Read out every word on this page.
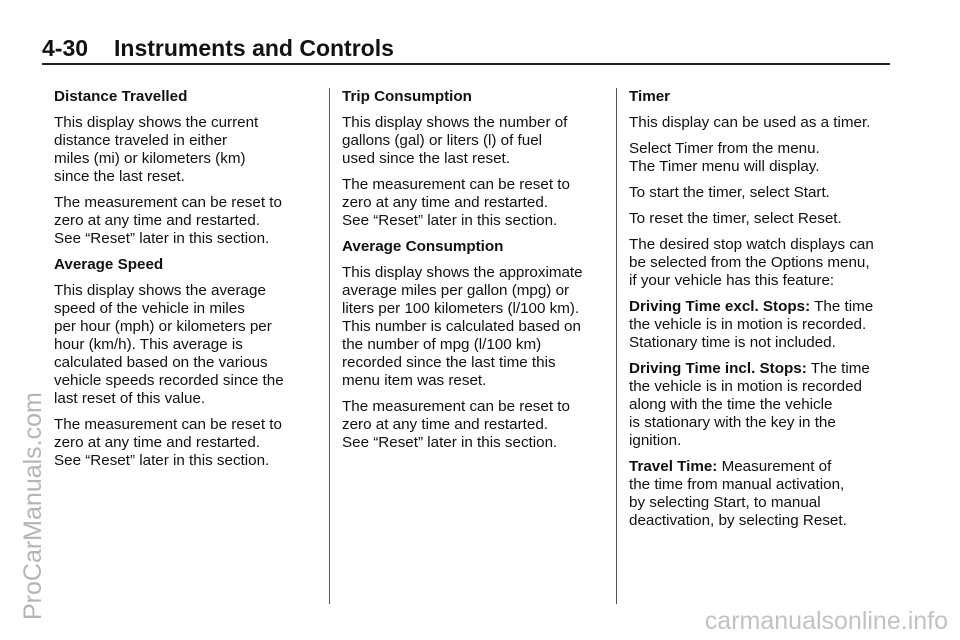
4-30 Instruments and Controls
Distance Travelled

This display shows the current
distance traveled in either
miles (mi) or kilometers (km)
since the last reset.

The measurement can be reset to
zero at any time and restarted.
See “Reset” later in this section.

Average Speed

This display shows the average
speed of the vehicle in miles
per hour (mph) or kilometers per
hour (km/h). This average is
calculated based on the various
vehicle speeds recorded since the
last reset of this value.

The measurement can be reset to
zero at any time and restarted.
See “Reset” later in this section.

Trip Consumption

This display shows the number of
gallons (gal) or liters (l) of fuel
used since the last reset.

The measurement can be reset to
zero at any time and restarted.
See “Reset” later in this section.

Average Consumption

This display shows the approximate
average miles per gallon (mpg) or
liters per 100 kilometers (l/100 km).
This number is calculated based on
the number of mpg (l/100 km)
recorded since the last time this
menu item was reset.

The measurement can be reset to
zero at any time and restarted.
See “Reset” later in this section.

Timer

This display can be used as a timer.

Select Timer from the menu.
The Timer menu will display.

To start the timer, select Start.

To reset the timer, select Reset.

The desired stop watch displays can
be selected from the Options menu,
if your vehicle has this feature:

Driving Time excl. Stops: The time
the vehicle is in motion is recorded.
Stationary time is not included.

Driving Time incl. Stops: The time
the vehicle is in motion is recorded
along with the time the vehicle
is stationary with the key in the
ignition.

Travel Time: Measurement of
the time from manual activation,
by selecting Start, to manual
deactivation, by selecting Reset.

ProCarManuals.com
carmanualsonline.info
